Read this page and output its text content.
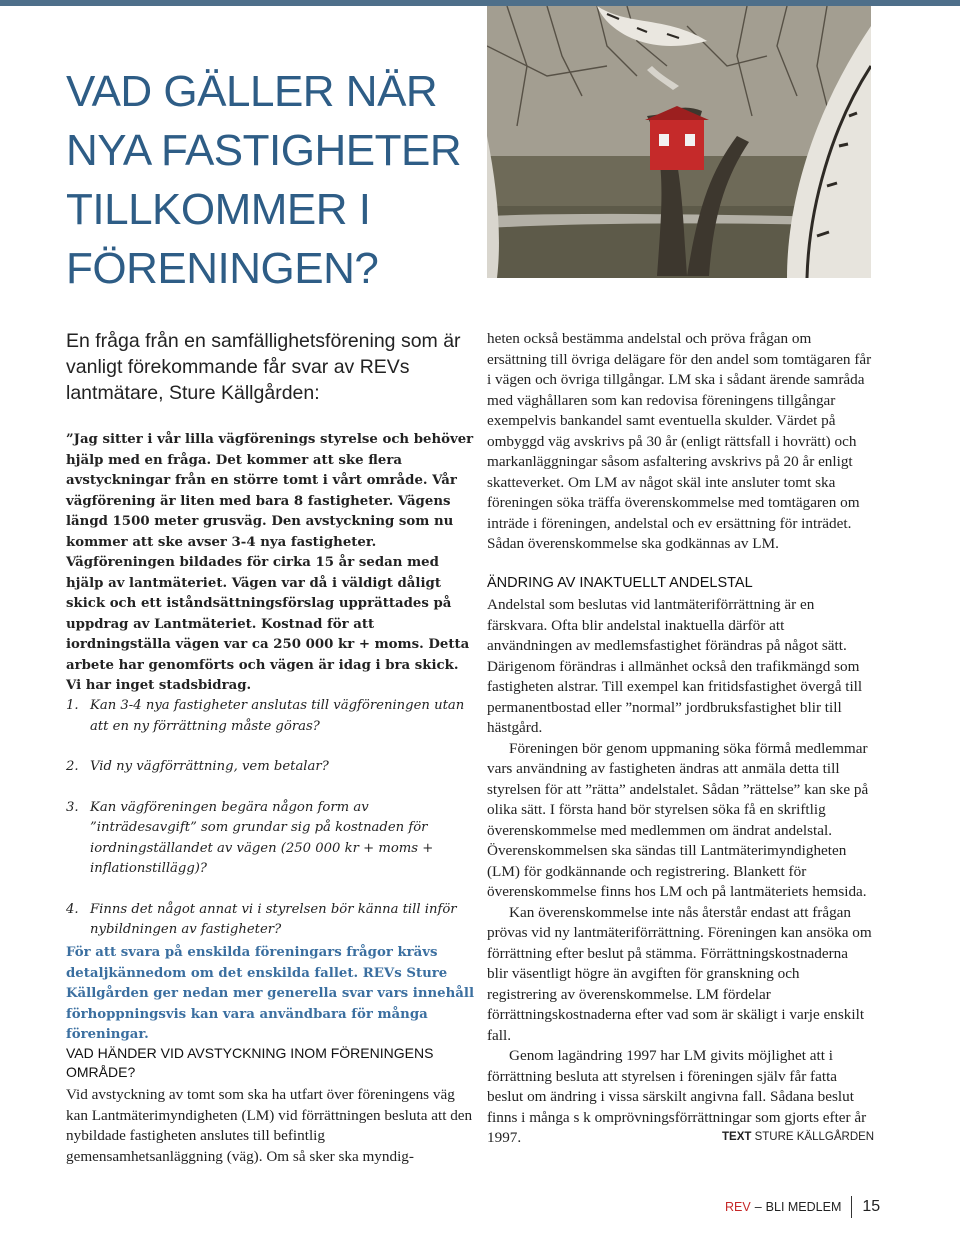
VAD GÄLLER NÄR
NYA FASTIGHETER
TILLKOMMER I
FÖRENINGEN?

En fråga från en samfällighetsförening som är vanligt förekommande får svar av REVs lantmätare, Sture Källgården:

”Jag sitter i vår lilla vägförenings styrelse och behöver hjälp med en fråga. Det kommer att ske flera avstyckningar från en större tomt i vårt område. Vår vägförening är liten med bara 8 fastigheter. Vägens längd 1500 meter grusväg. Den avstyckning som nu kommer att ske avser 3-4 nya fastigheter. Vägföreningen bildades för cirka 15 år sedan med hjälp av lantmäteriet. Vägen var då i väldigt dåligt skick och ett iståndsättningsförslag upprättades på uppdrag av Lantmäteriet. Kostnad för att iordningställa vägen var ca 250 000 kr + moms. Detta arbete har genomförts och vägen är idag i bra skick. Vi har inget stadsbidrag.

1. Kan 3-4 nya fastigheter anslutas till vägföreningen utan att en ny förrättning måste göras?
2. Vid ny vägförrättning, vem betalar?
3. Kan vägföreningen begära någon form av ”inträdesavgift” som grundar sig på kostnaden för iordningställandet av vägen (250 000 kr + moms + inflationstillägg)?
4. Finns det något annat vi i styrelsen bör känna till inför nybildningen av fastigheter?

För att svara på enskilda föreningars frågor krävs detaljkännedom om det enskilda fallet. REVs Sture Källgården ger nedan mer generella svar vars innehåll förhoppningsvis kan vara användbara för många föreningar.

VAD HÄNDER VID AVSTYCKNING INOM FÖRENINGENS OMRÅDE?

Vid avstyckning av tomt som ska ha utfart över föreningens väg kan Lantmäterimyndigheten (LM) vid förrättningen besluta att den nybildade fastigheten anslutes till befintlig gemensamhetsanläggning (väg). Om så sker ska myndig-

heten också bestämma andelstal och pröva frågan om ersättning till övriga delägare för den andel som tomtägaren får i vägen och övriga tillgångar. LM ska i sådant ärende samråda med väghållaren som kan redovisa föreningens tillgångar exempelvis bankandel samt eventuella skulder. Värdet på ombyggd väg avskrivs på 30 år (enligt rättsfall i hovrätt) och markanläggningar såsom asfaltering avskrivs på 20 år enligt skatteverket. Om LM av något skäl inte ansluter tomt ska föreningen söka träffa överenskommelse med tomtägaren om inträde i föreningen, andelstal och ev ersättning för inträdet. Sådan överenskommelse ska godkännas av LM.

ÄNDRING AV INAKTUELLT ANDELSTAL

Andelstal som beslutas vid lantmäteriförrättning är en färskvara. Ofta blir andelstal inaktuella därför att användningen av medlemsfastighet förändras på något sätt. Därigenom förändras i allmänhet också den trafikmängd som fastigheten alstrar. Till exempel kan fritidsfastighet övergå till permanentbostad eller ”normal” jordbruksfastighet blir till hästgård.

Föreningen bör genom uppmaning söka förmå medlemmar vars användning av fastigheten ändras att anmäla detta till styrelsen för att ”rätta” andelstalet. Sådan ”rättelse” kan ske på olika sätt. I första hand bör styrelsen söka få en skriftlig överenskommelse med medlemmen om ändrat andelstal. Överenskommelsen ska sändas till Lantmäterimyndigheten (LM) för godkännande och registrering. Blankett för överenskommelse finns hos LM och på lantmäteriets hemsida.

Kan överenskommelse inte nås återstår endast att frågan prövas vid ny lantmäteriförrättning. Föreningen kan ansöka om förrättning efter beslut på stämma. Förrättningskostnaderna blir väsentligt högre än avgiften för granskning och registrering av överenskommelse. LM fördelar förrättningskostnaderna efter vad som är skäligt i varje enskilt fall.

Genom lagändring 1997 har LM givits möjlighet att i förrättning besluta att styrelsen i föreningen själv får fatta beslut om ändring i vissa särskilt angivna fall. Sådana beslut finns i många s k omprövningsförrättningar som gjorts efter år 1997.	TEXT STURE KÄLLGÅRDEN

REV – BLI MEDLEM 15
